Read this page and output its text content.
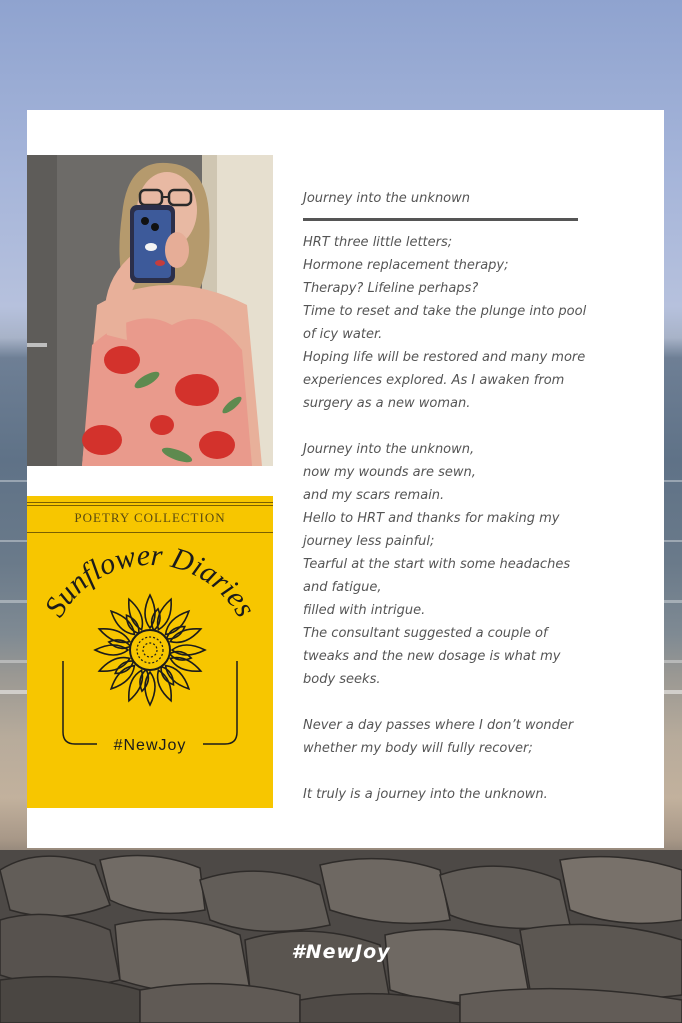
POETRY COLLECTION
Sunflower Diaries
#NewJoy

Journey into the unknown

HRT three little letters;

Hormone replacement therapy;

Therapy? Lifeline perhaps?

Time to reset and take the plunge into pool

of icy water.

Hoping life will be restored and many more

experiences explored. As I awaken from

surgery as a new woman.

Journey into the unknown,

now my wounds are sewn,

and my scars remain.

Hello to HRT and thanks for making my

journey less painful;

Tearful at the start with some headaches

and fatigue,

filled with intrigue.

The consultant suggested a couple of

tweaks and the new dosage is what my

body seeks.

Never a day passes where I don’t wonder

whether my body will fully recover;

It truly is a journey into the unknown.

#NewJoy
